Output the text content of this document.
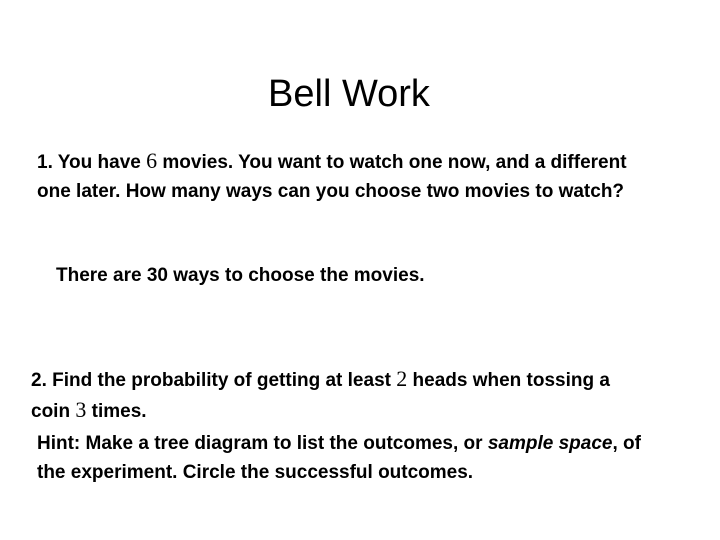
Bell Work

1. You have 6 movies. You want to watch one now, and a different one later. How many ways can you choose two movies to watch?

There are 30 ways to choose the movies.

2. Find the probability of getting at least 2 heads when tossing a coin 3 times.

Hint: Make a tree diagram to list the outcomes, or sample space, of the experiment. Circle the successful outcomes.
